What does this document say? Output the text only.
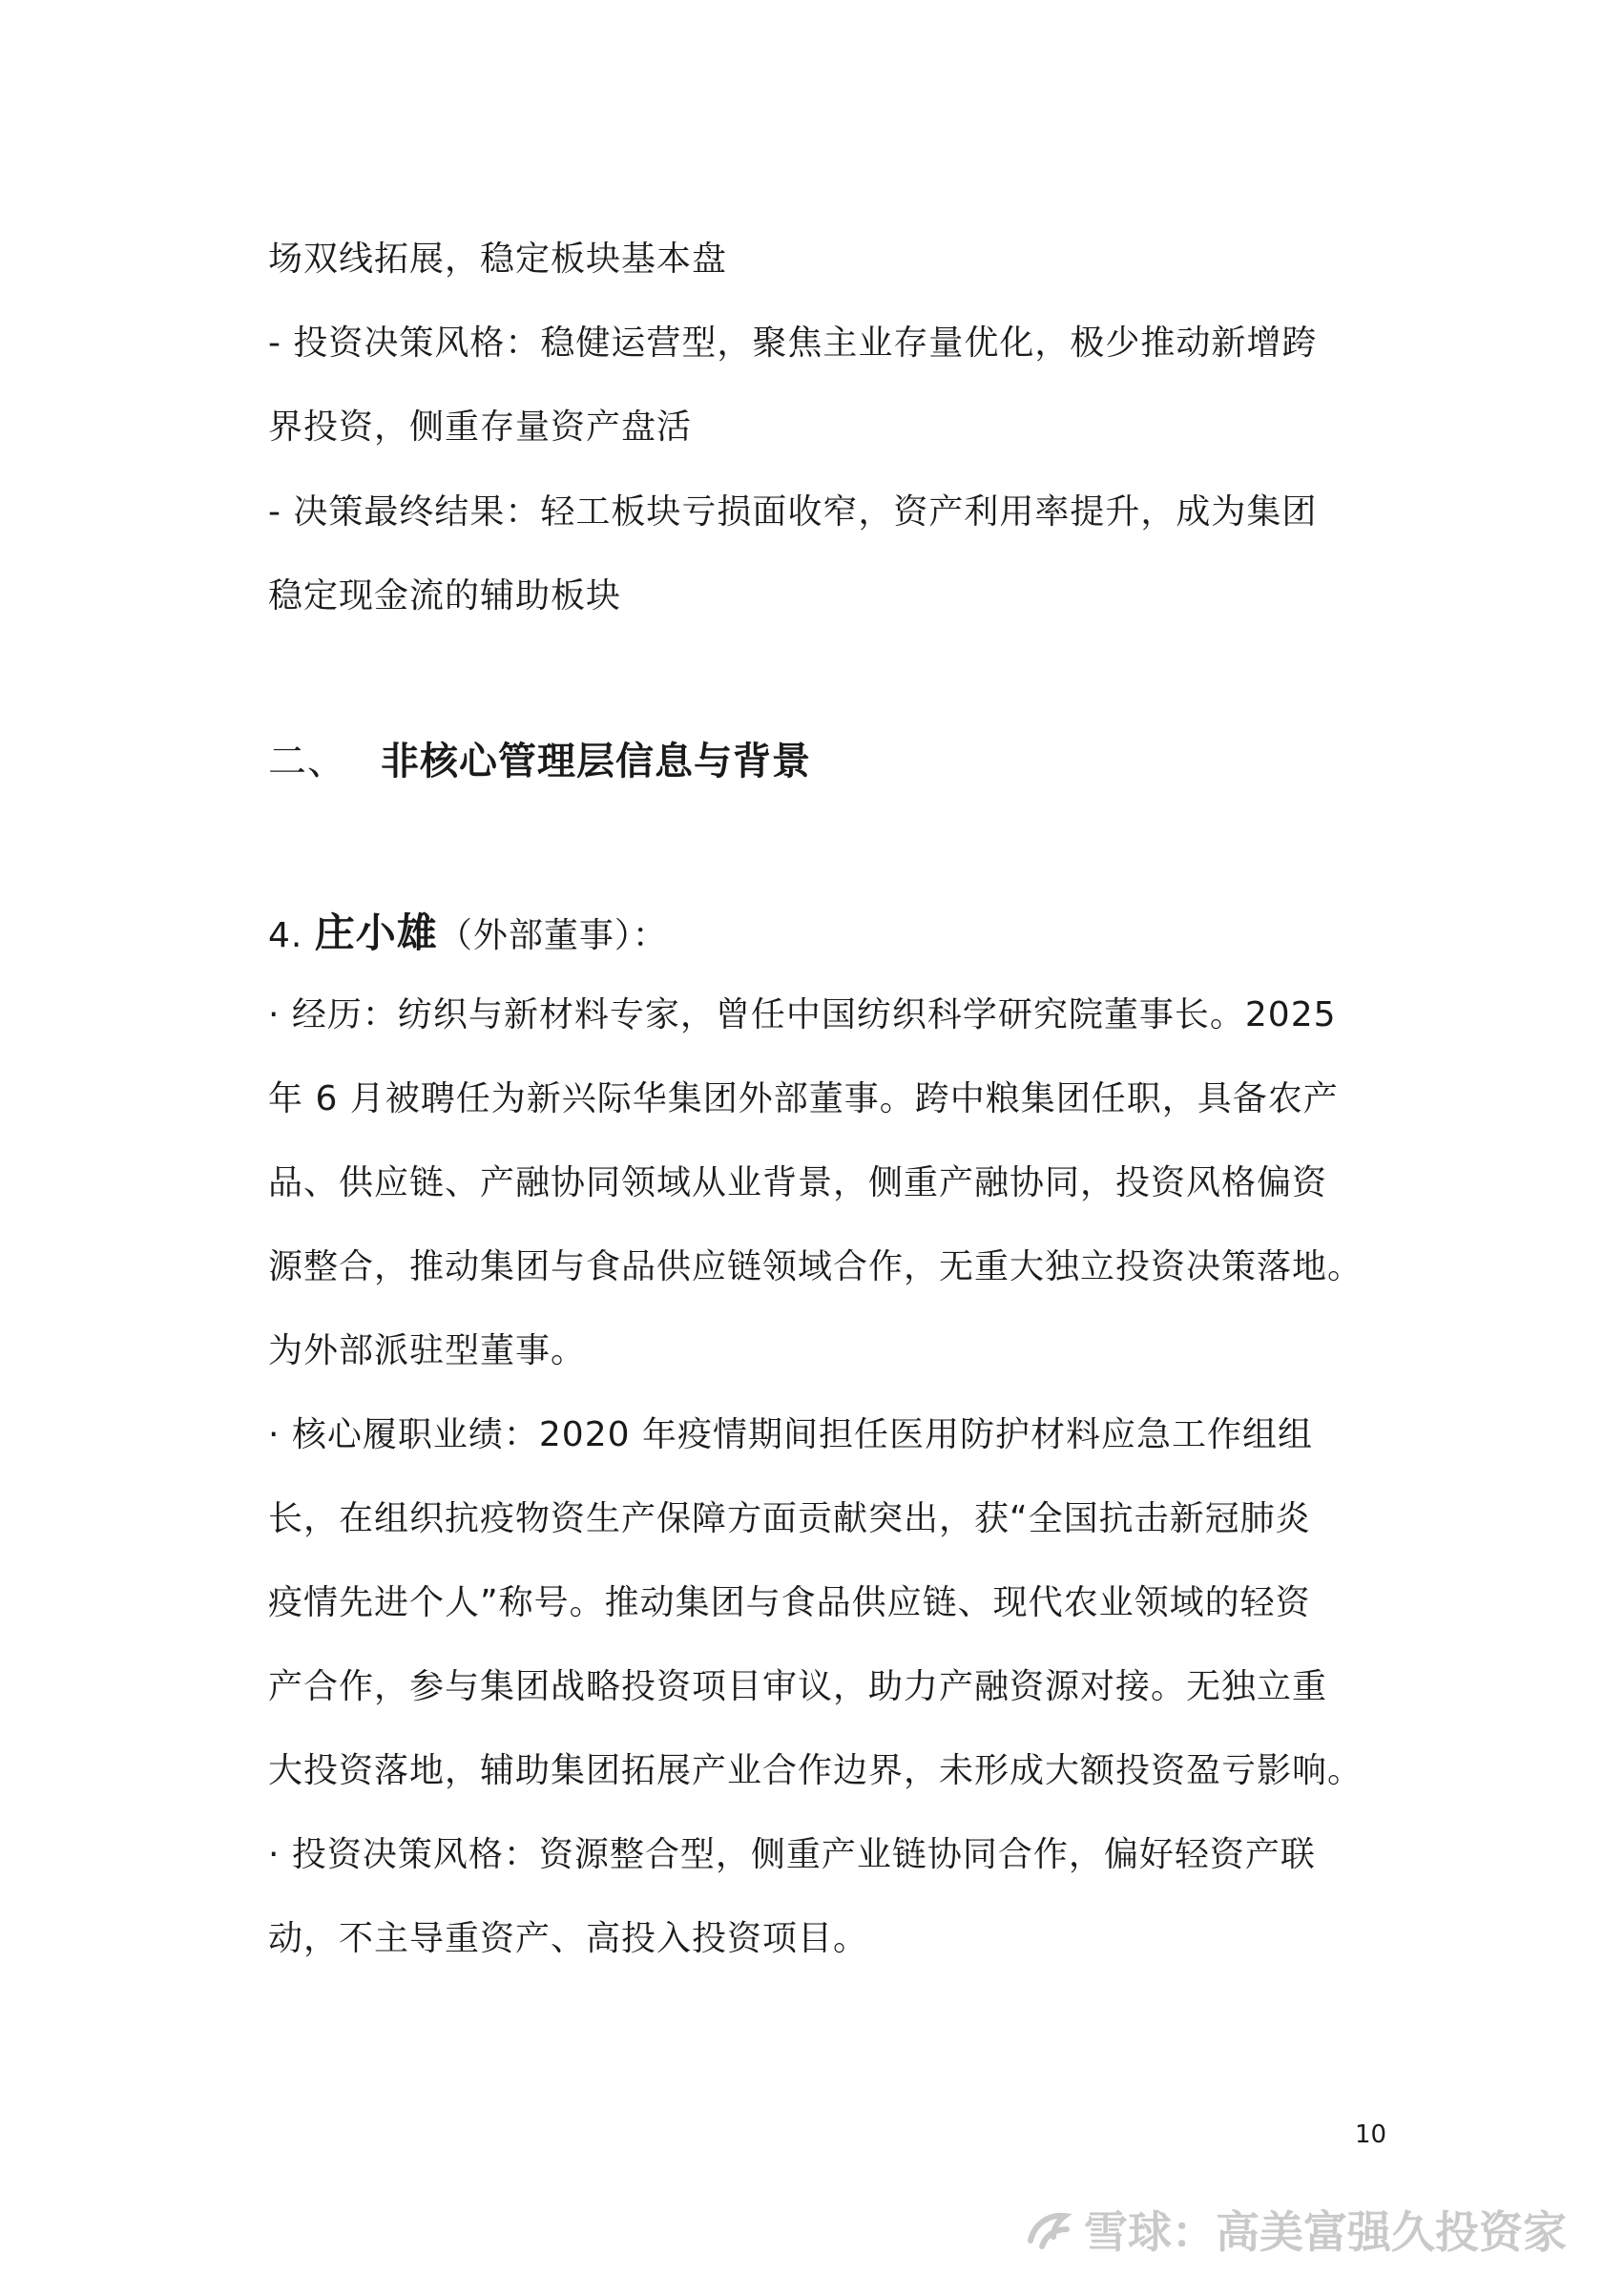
场双线拓展，稳定板块基本盘
- 投资决策风格：稳健运营型，聚焦主业存量优化，极少推动新增跨
界投资，侧重存量资产盘活
- 决策最终结果：轻工板块亏损面收窄，资产利用率提升，成为集团
稳定现金流的辅助板块
二、 非核心管理层信息与背景
4. 庄小雄（外部董事）：
· 经历：纺织与新材料专家，曾任中国纺织科学研究院董事长。2025
年 6 月被聘任为新兴际华集团外部董事。跨中粮集团任职，具备农产
品、供应链、产融协同领域从业背景，侧重产融协同，投资风格偏资
源整合，推动集团与食品供应链领域合作，无重大独立投资决策落地。
为外部派驻型董事。
· 核心履职业绩：2020 年疫情期间担任医用防护材料应急工作组组
长，在组织抗疫物资生产保障方面贡献突出，获“全国抗击新冠肺炎
疫情先进个人”称号。推动集团与食品供应链、现代农业领域的轻资
产合作，参与集团战略投资项目审议，助力产融资源对接。无独立重
大投资落地，辅助集团拓展产业合作边界，未形成大额投资盈亏影响。
· 投资决策风格：资源整合型，侧重产业链协同合作，偏好轻资产联
动，不主导重资产、高投入投资项目。
10
雪球：高美富强久投资家
